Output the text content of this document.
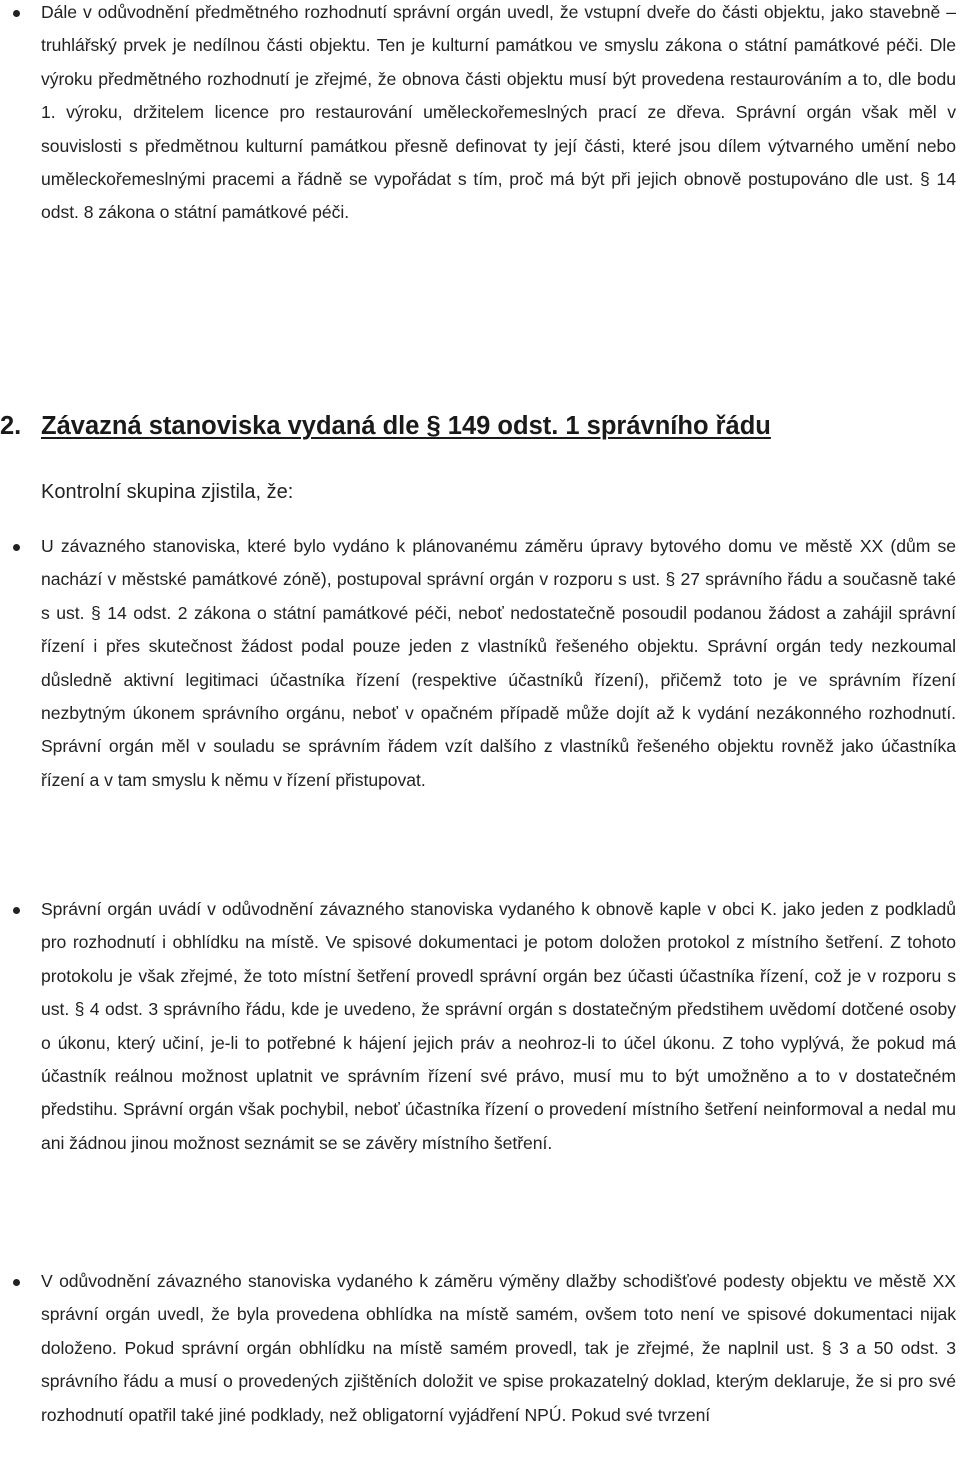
Dále v odůvodnění předmětného rozhodnutí správní orgán uvedl, že vstupní dveře do části objektu, jako stavebně – truhlářský prvek je nedílnou části objektu. Ten je kulturní památkou ve smyslu zákona o státní památkové péči. Dle výroku předmětného rozhodnutí je zřejmé, že obnova části objektu musí být provedena restaurováním a to, dle bodu 1. výroku, držitelem licence pro restaurování uměleckořemeslných prací ze dřeva. Správní orgán však měl v souvislosti s předmětnou kulturní památkou přesně definovat ty její části, které jsou dílem výtvarného umění nebo uměleckořemeslnými pracemi a řádně se vypořádat s tím, proč má být při jejich obnově postupováno dle ust. § 14 odst. 8 zákona o státní památkové péči.

2. Závazná stanoviska vydaná dle § 149 odst. 1 správního řádu
Kontrolní skupina zjistila, že:

U závazného stanoviska, které bylo vydáno k plánovanému záměru úpravy bytového domu ve městě XX (dům se nachází v městské památkové zóně), postupoval správní orgán v rozporu s ust. § 27 správního řádu a současně také s ust. § 14 odst. 2 zákona o státní památkové péči, neboť nedostatečně posoudil podanou žádost a zahájil správní řízení i přes skutečnost žádost podal pouze jeden z vlastníků řešeného objektu. Správní orgán tedy nezkoumal důsledně aktivní legitimaci účastníka řízení (respektive účastníků řízení), přičemž toto je ve správním řízení nezbytným úkonem správního orgánu, neboť v opačném případě může dojít až k vydání nezákonného rozhodnutí. Správní orgán měl v souladu se správním řádem vzít dalšího z vlastníků řešeného objektu rovněž jako účastníka řízení a v tam smyslu k němu v řízení přistupovat.

Správní orgán uvádí v odůvodnění závazného stanoviska vydaného k obnově kaple v obci K. jako jeden z podkladů pro rozhodnutí i obhlídku na místě. Ve spisové dokumentaci je potom doložen protokol z místního šetření. Z tohoto protokolu je však zřejmé, že toto místní šetření provedl správní orgán bez účasti účastníka řízení, což je v rozporu s ust. § 4 odst. 3 správního řádu, kde je uvedeno, že správní orgán s dostatečným předstihem uvědomí dotčené osoby o úkonu, který učiní, je-li to potřebné k hájení jejich práv a neohroz-li to účel úkonu. Z toho vyplývá, že pokud má účastník reálnou možnost uplatnit ve správním řízení své právo, musí mu to být umožněno a to v dostatečném předstihu. Správní orgán však pochybil, neboť účastníka řízení o provedení místního šetření neinformoval a nedal mu ani žádnou jinou možnost seznámit se se závěry místního šetření.

V odůvodnění závazného stanoviska vydaného k záměru výměny dlažby schodišťové podesty objektu ve městě XX správní orgán uvedl, že byla provedena obhlídka na místě samém, ovšem toto není ve spisové dokumentaci nijak doloženo. Pokud správní orgán obhlídku na místě samém provedl, tak je zřejmé, že naplnil ust. § 3 a 50 odst. 3 správního řádu a musí o provedených zjištěních doložit ve spise prokazatelný doklad, kterým deklaruje, že si pro své rozhodnutí opatřil také jiné podklady, než obligatorní vyjádření NPÚ. Pokud své tvrzení
